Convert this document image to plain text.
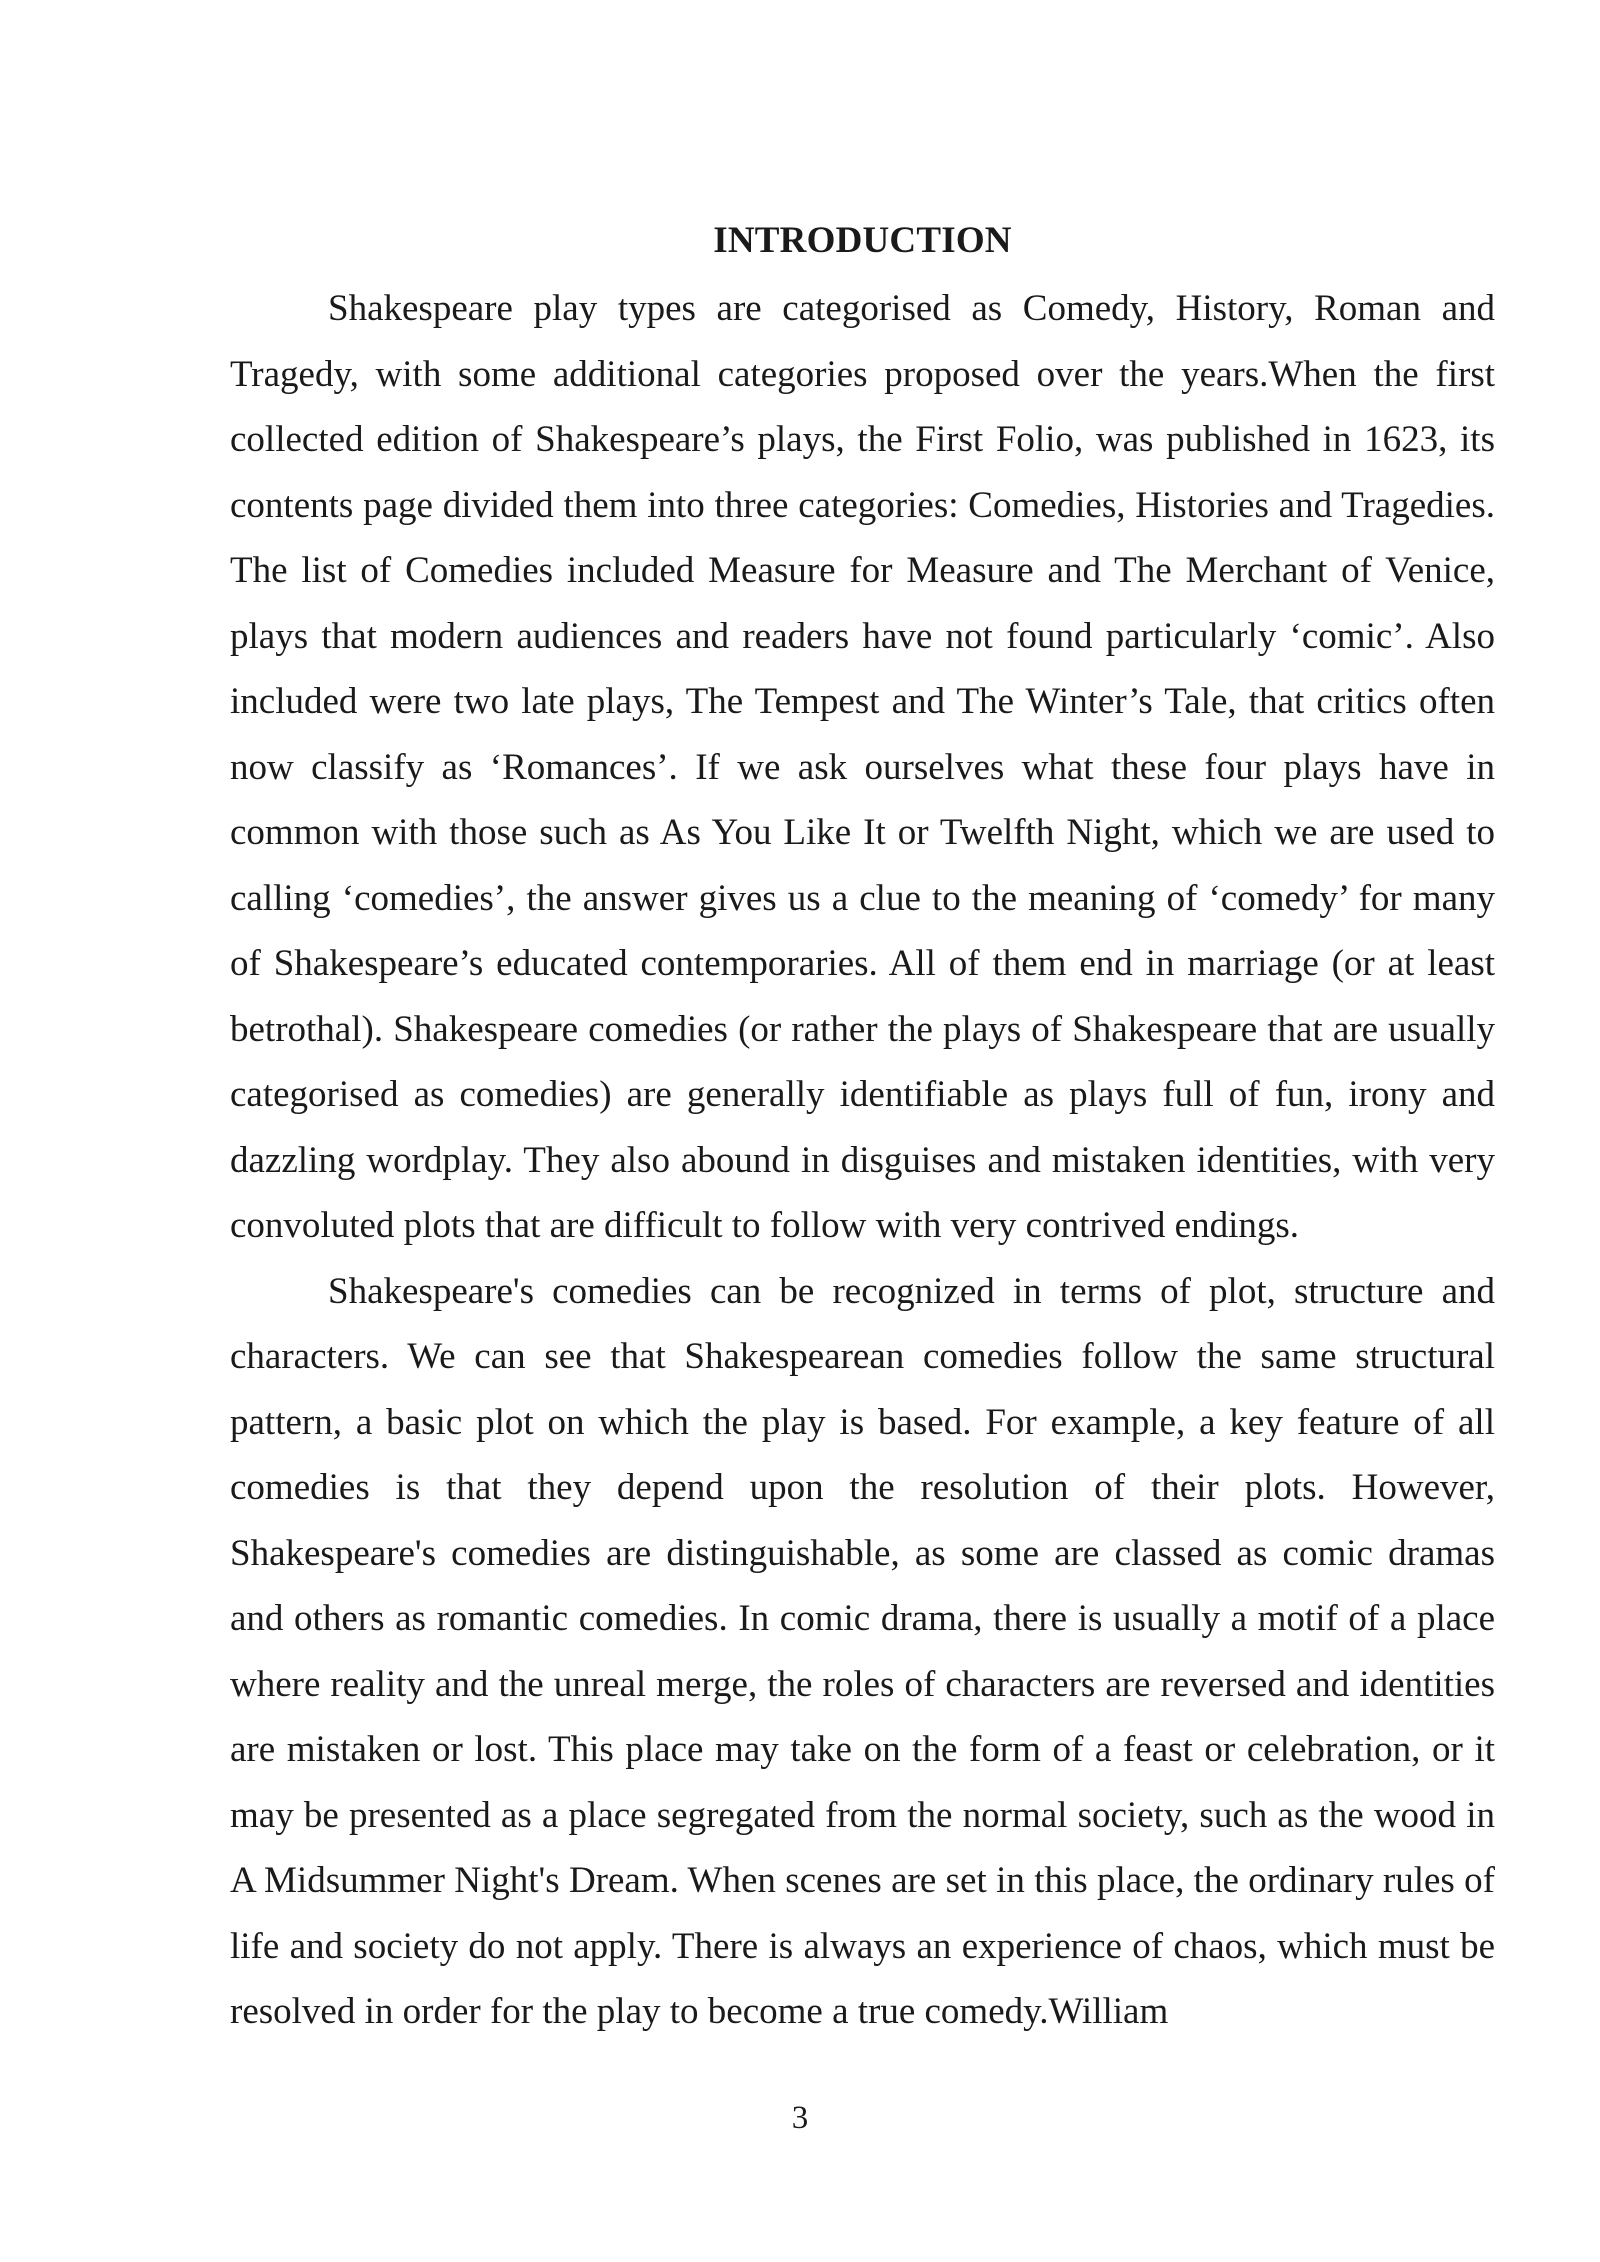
INTRODUCTION

Shakespeare play types are categorised as Comedy, History, Roman and Tragedy, with some additional categories proposed over the years.When the first collected edition of Shakespeare’s plays, the First Folio, was published in 1623, its contents page divided them into three categories: Comedies, Histories and Tragedies. The list of Comedies included Measure for Measure and The Merchant of Venice, plays that modern audiences and readers have not found particularly ‘comic’. Also included were two late plays, The Tempest and The Winter’s Tale, that critics often now classify as ‘Romances’. If we ask ourselves what these four plays have in common with those such as As You Like It or Twelfth Night, which we are used to calling ‘comedies’, the answer gives us a clue to the meaning of ‘comedy’ for many of Shakespeare’s educated contemporaries. All of them end in marriage (or at least betrothal). Shakespeare comedies (or rather the plays of Shakespeare that are usually categorised as comedies) are generally identifiable as plays full of fun, irony and dazzling wordplay. They also abound in disguises and mistaken identities, with very convoluted plots that are difficult to follow with very contrived endings.

Shakespeare's comedies can be recognized in terms of plot, structure and characters. We can see that Shakespearean comedies follow the same structural pattern, a basic plot on which the play is based. For example, a key feature of all comedies is that they depend upon the resolution of their plots. However, Shakespeare's comedies are distinguishable, as some are classed as comic dramas and others as romantic comedies. In comic drama, there is usually a motif of a place where reality and the unreal merge, the roles of characters are reversed and identities are mistaken or lost. This place may take on the form of a feast or celebration, or it may be presented as a place segregated from the normal society, such as the wood in A Midsummer Night's Dream. When scenes are set in this place, the ordinary rules of life and society do not apply. There is always an experience of chaos, which must be resolved in order for the play to become a true comedy.William

3
